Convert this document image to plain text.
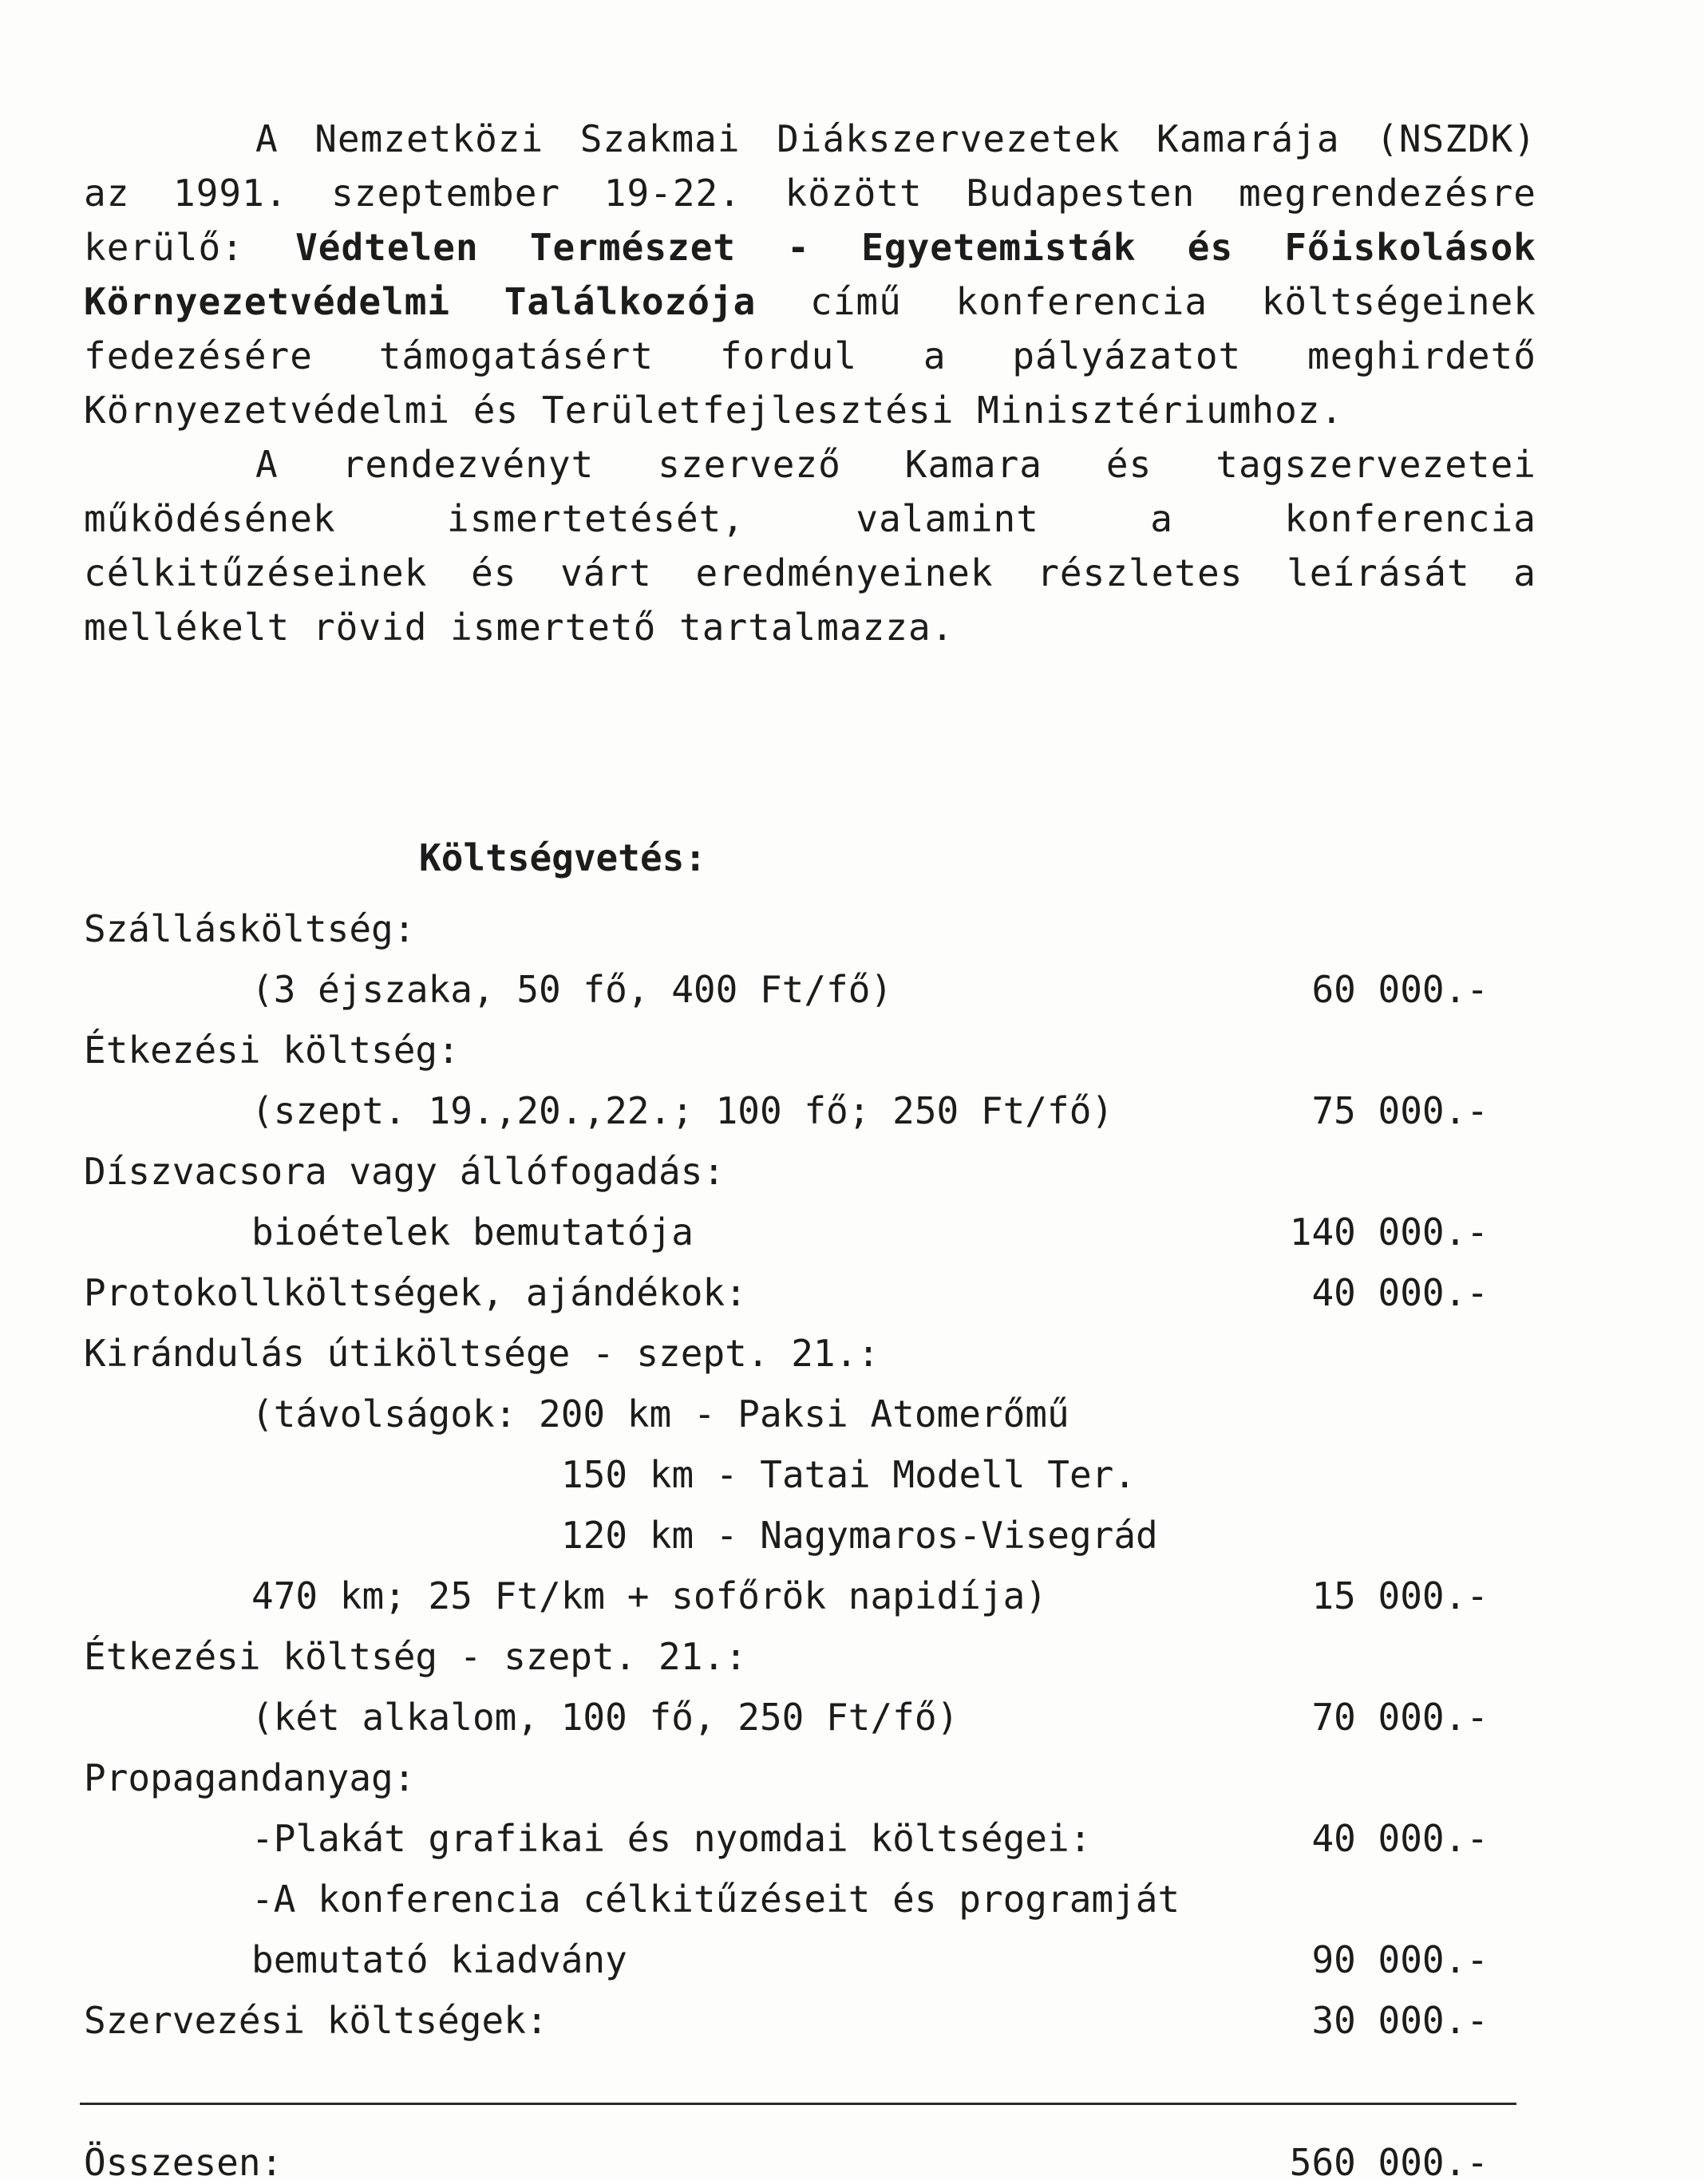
A Nemzetközi Szakmai Diákszervezetek Kamarája (NSZDK) az 1991. szeptember 19-22. között Budapesten megrendezésre kerülő: Védtelen Természet - Egyetemisták és Főiskolások Környezetvédelmi Találkozója című konferencia költségeinek fedezésére támogatásért fordul a pályázatot meghirdető Környezetvédelmi és Területfejlesztési Minisztériumhoz.

A rendezvényt szervező Kamara és tagszervezetei működésének ismertetését, valamint a konferencia célkitűzéseinek és várt eredményeinek részletes leírását a mellékelt rövid ismertető tartalmazza.

Költségvetés:
Szállásköltség:
(3 éjszaka, 50 fő, 400 Ft/fő)	60 000.-
Étkezési költség:
(szept. 19.,20.,22.; 100 fő; 250 Ft/fő)	75 000.-
Díszvacsora vagy állófogadás:
bioételek bemutatója	140 000.-
Protokollköltségek, ajándékok:	40 000.-
Kirándulás útiköltsége - szept. 21.:
(távolságok: 200 km - Paksi Atomerőmű
150 km - Tatai Modell Ter.
120 km - Nagymaros-Visegrád
470 km; 25 Ft/km + sofőrök napidíja)	15 000.-
Étkezési költség - szept. 21.:
(két alkalom, 100 fő, 250 Ft/fő)	70 000.-
Propagandanyag:
-Plakát grafikai és nyomdai költségei:	40 000.-
-A konferencia célkitűzéseit és programját
bemutató kiadvány	90 000.-
Szervezési költségek:	30 000.-
Összesen:	560 000.-
